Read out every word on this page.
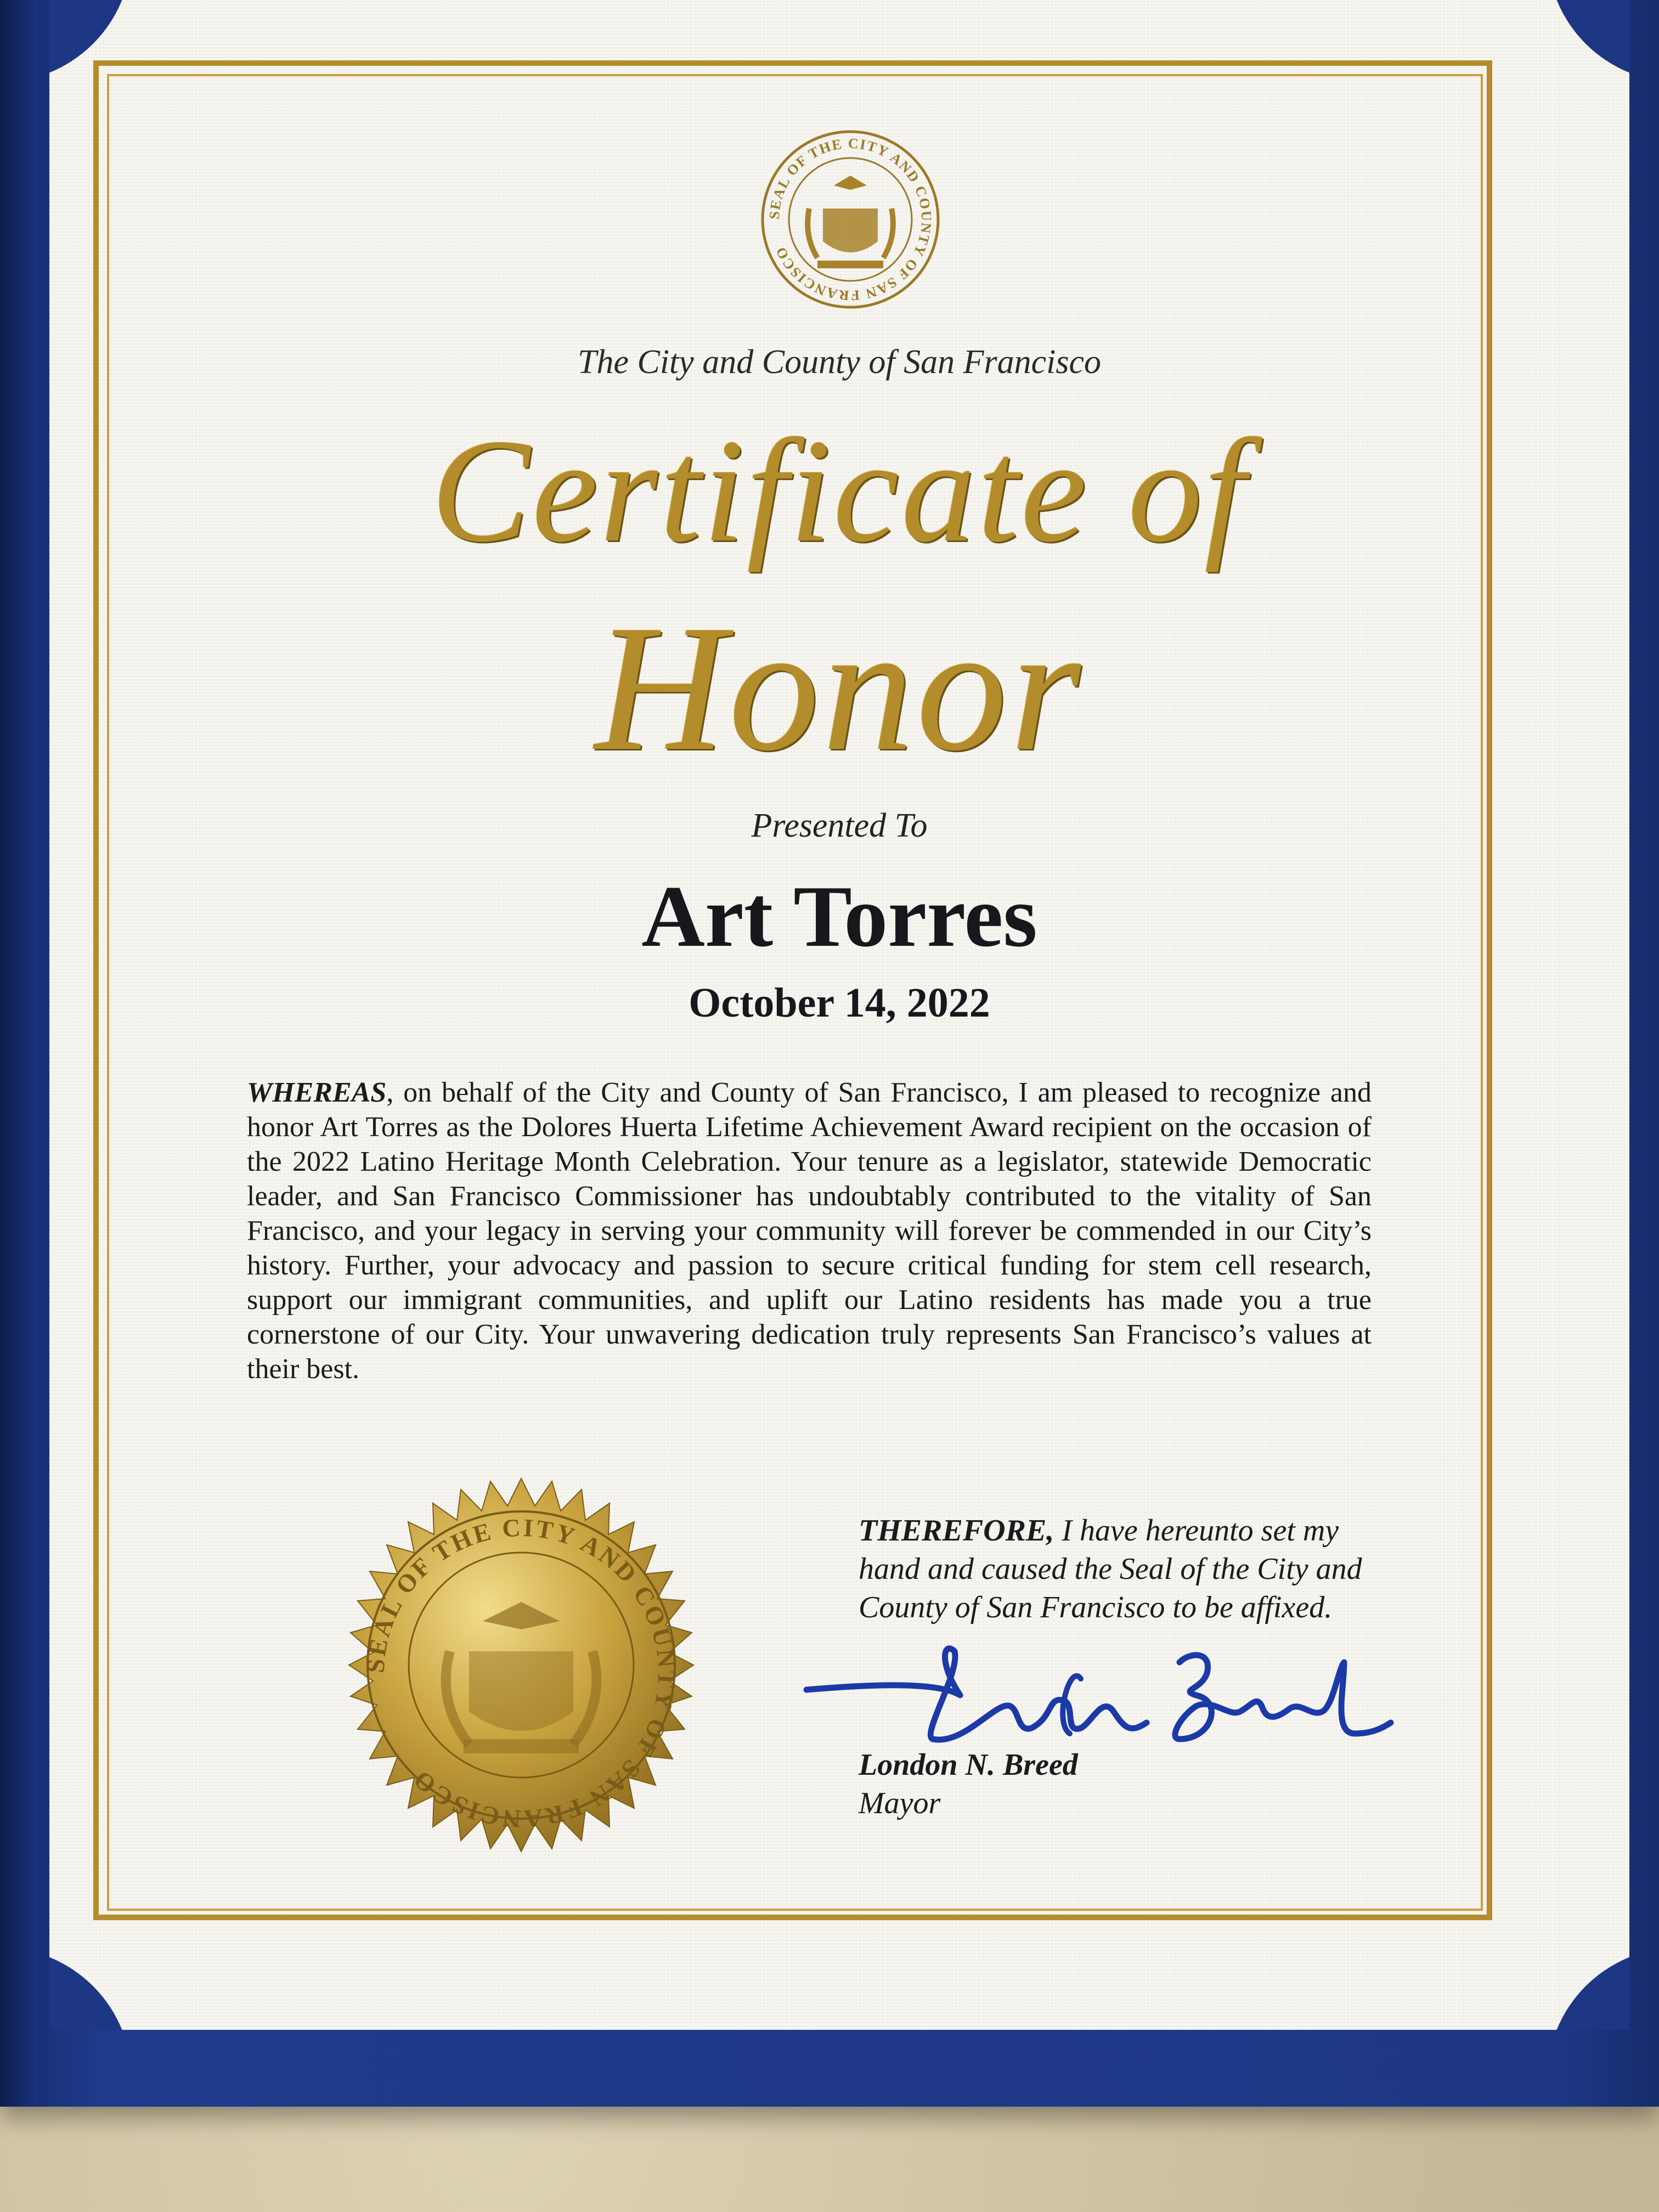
SEAL OF THE CITY AND COUNTY OF SAN FRANCISCO
The City and County of San Francisco
Certificate of
Honor
Presented To
Art Torres
October 14, 2022
WHEREAS, on behalf of the City and County of San Francisco, I am pleased to recognize and honor Art Torres as the Dolores Huerta Lifetime Achievement Award recipient on the occasion of the 2022 Latino Heritage Month Celebration. Your tenure as a legislator, statewide Democratic leader, and San Francisco Commissioner has undoubtably contributed to the vitality of San Francisco, and your legacy in serving your community will forever be commended in our City’s history. Further, your advocacy and passion to secure critical funding for stem cell research, support our immigrant communities, and uplift our Latino residents has made you a true cornerstone of our City. Your unwavering dedication truly represents San Francisco’s values at their best.
SEAL OF THE CITY AND COUNTY OF SAN FRANCISCO
THEREFORE, I have hereunto set my hand and caused the Seal of the City and County of San Francisco to be affixed.
London N. Breed
Mayor
